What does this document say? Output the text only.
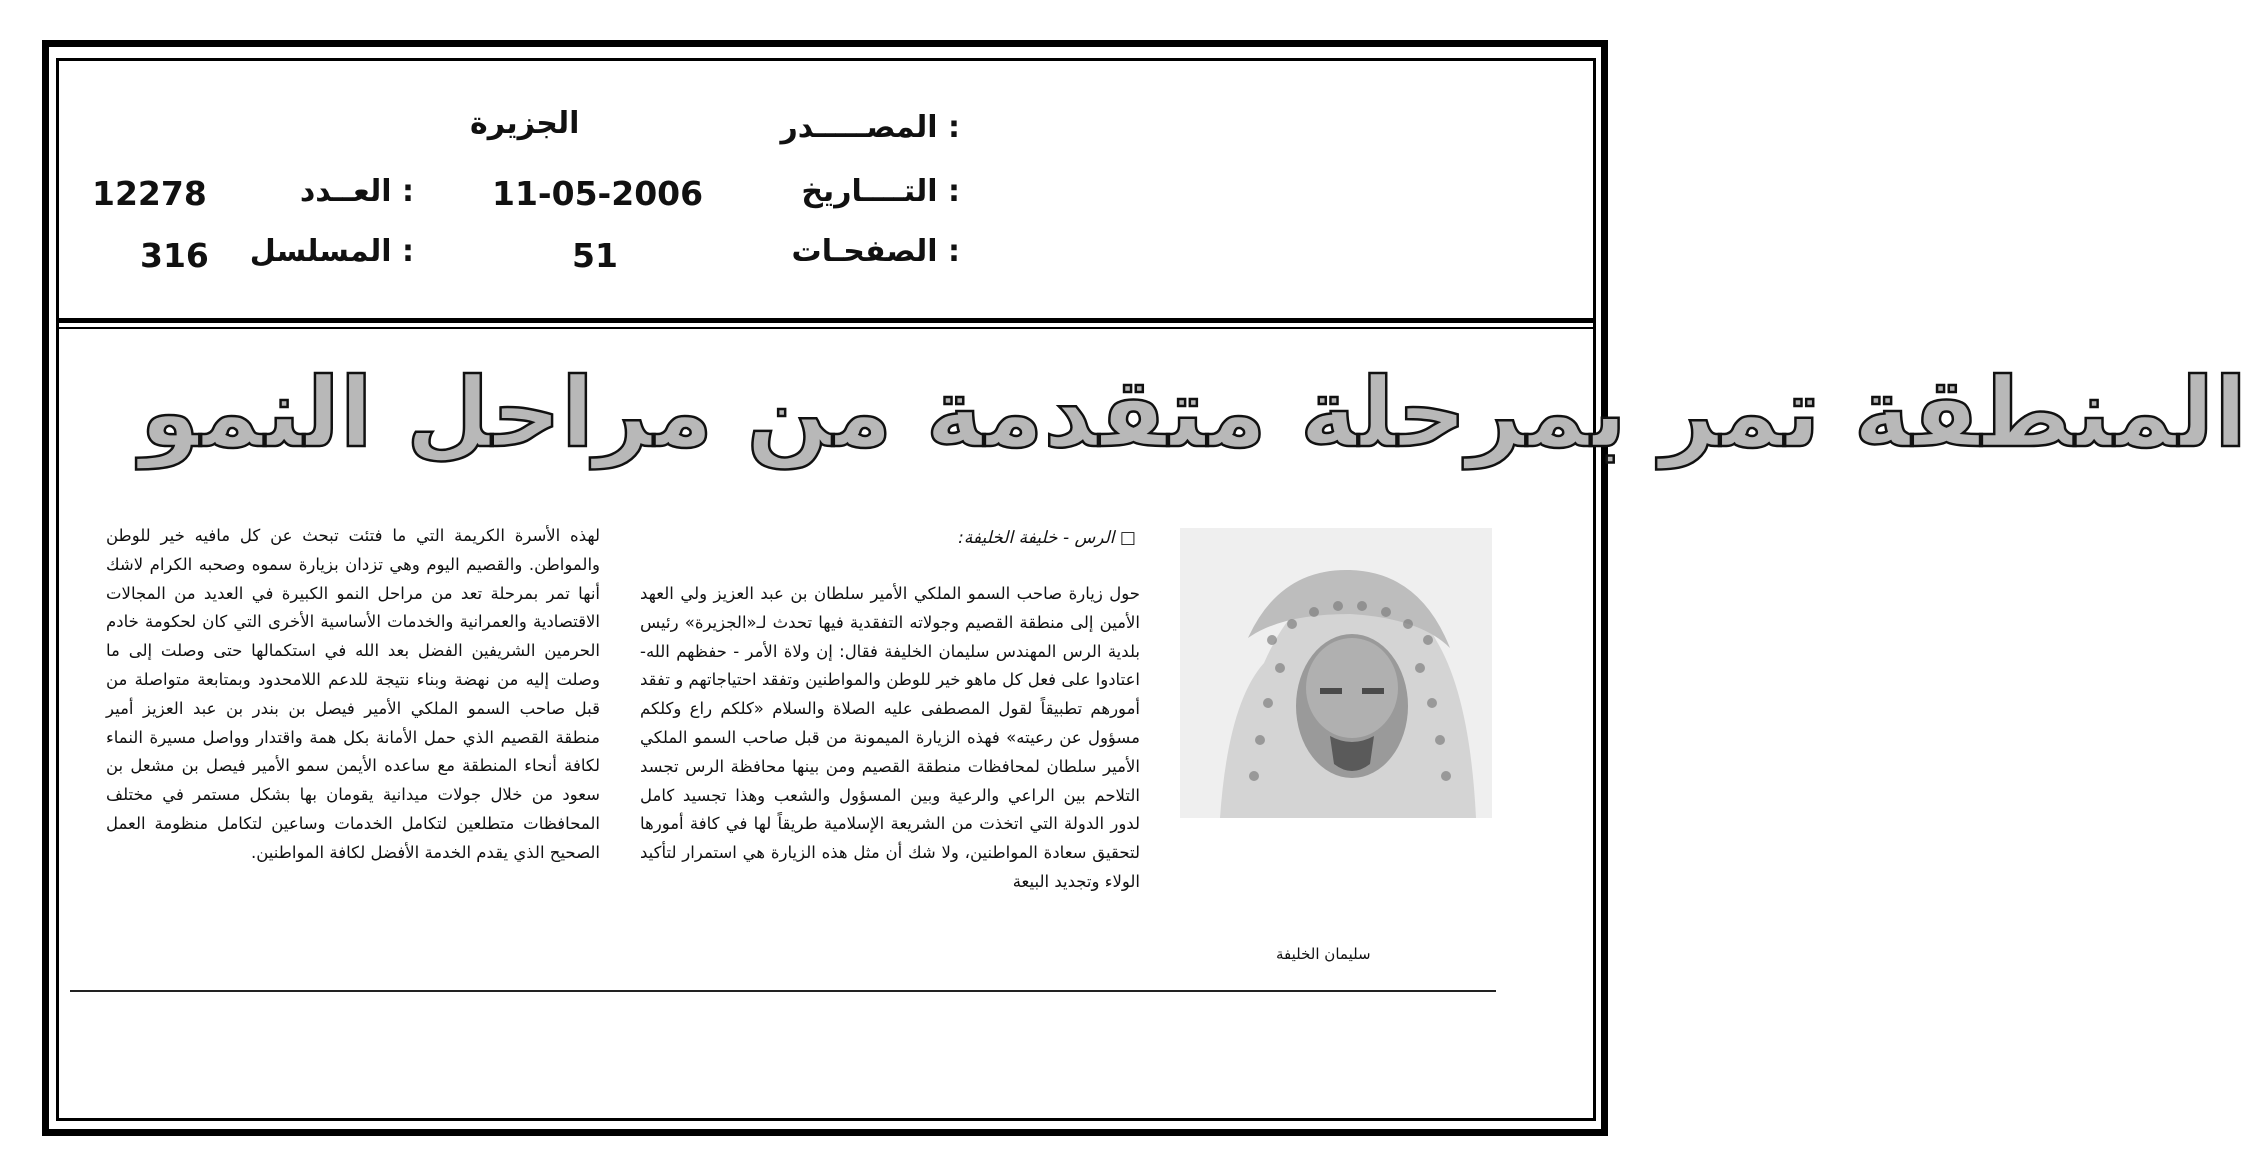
المصـــــدر :
الجزيرة
التــــاريخ :
11-05-2006
الصفحـات :
51
العــدد :
12278
المسلسل :
316
المنطقة تمر بمرحلة متقدمة من مراحل النمو
□ الرس - خليفة الخليفة:
حول زيارة صاحب السمو الملكي الأمير سلطان بن عبد العزيز ولي العهد الأمين إلى منطقة القصيم وجولاته التفقدية فيها تحدث لـ«الجزيرة» رئيس بلدية الرس المهندس سليمان الخليفة فقال: إن ولاة الأمر - حفظهم الله- اعتادوا على فعل كل ماهو خير للوطن والمواطنين وتفقد احتياجاتهم و تفقد أمورهم تطبيقاً لقول المصطفى عليه الصلاة والسلام «كلكم راع وكلكم مسؤول عن رعيته» فهذه الزيارة الميمونة من قبل صاحب السمو الملكي الأمير سلطان لمحافظات منطقة القصيم ومن بينها محافظة الرس تجسد التلاحم بين الراعي والرعية وبين المسؤول والشعب وهذا تجسيد كامل لدور الدولة التي اتخذت من الشريعة الإسلامية طريقاً لها في كافة أمورها لتحقيق سعادة المواطنين، ولا شك أن مثل هذه الزيارة هي استمرار لتأكيد الولاء وتجديد البيعة
لهذه الأسرة الكريمة التي ما فتئت تبحث عن كل مافيه خير للوطن والمواطن. والقصيم اليوم وهي تزدان بزيارة سموه وصحبه الكرام لاشك أنها تمر بمرحلة تعد من مراحل النمو الكبيرة في العديد من المجالات الاقتصادية والعمرانية والخدمات الأساسية الأخرى التي كان لحكومة خادم الحرمين الشريفين الفضل بعد الله في استكمالها حتى وصلت إلى ما وصلت إليه من نهضة وبناء نتيجة للدعم اللامحدود وبمتابعة متواصلة من قبل صاحب السمو الملكي الأمير فيصل بن بندر بن عبد العزيز أمير منطقة القصيم الذي حمل الأمانة بكل همة واقتدار وواصل مسيرة النماء لكافة أنحاء المنطقة مع ساعده الأيمن سمو الأمير فيصل بن مشعل بن سعود من خلال جولات ميدانية يقومان بها بشكل مستمر في مختلف المحافظات متطلعين لتكامل الخدمات وساعين لتكامل منظومة العمل الصحيح الذي يقدم الخدمة الأفضل لكافة المواطنين.
سليمان الخليفة
